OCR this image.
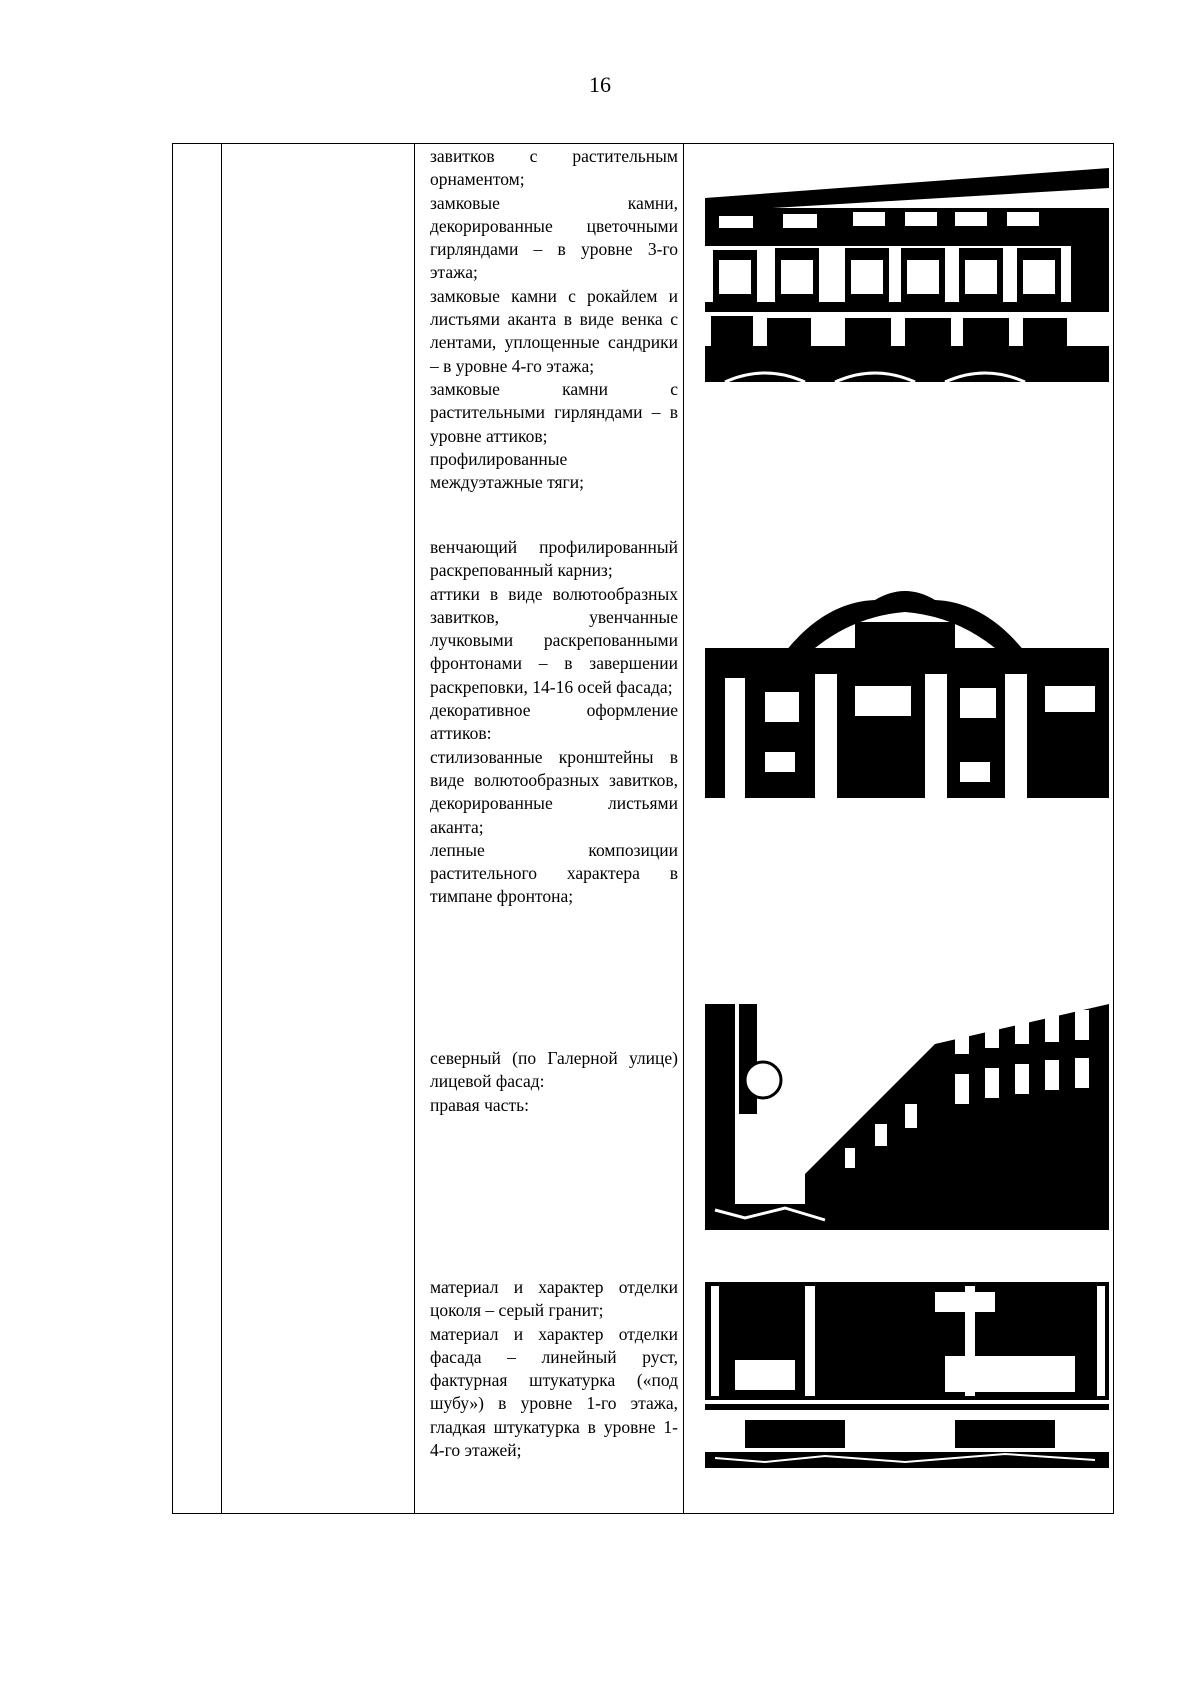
16

завитков с растительным орнаментом;

замковые камни, декорированные цветочными гирляндами – в уровне 3-го этажа;

замковые камни с рокайлем и листьями аканта в виде венка с лентами, уплощенные сандрики – в уровне 4-го этажа;

замковые камни с растительными гирляндами – в уровне аттиков;

профилированные междуэтажные тяги;

венчающий профилированный раскрепованный карниз;

аттики в виде волютообразных завитков, увенчанные лучковыми раскрепованными фронтонами – в завершении раскреповки, 14-16 осей фасада;

декоративное оформление аттиков:

стилизованные кронштейны в виде волютообразных завитков, декорированные листьями аканта;

лепные композиции растительного характера в тимпане фронтона;

северный (по Галерной улице) лицевой фасад:

правая часть:

материал и характер отделки цоколя – серый гранит;

материал и характер отделки фасада – линейный руст, фактурная штукатурка («под шубу») в уровне 1-го этажа, гладкая штукатурка в уровне 1-4-го этажей;
